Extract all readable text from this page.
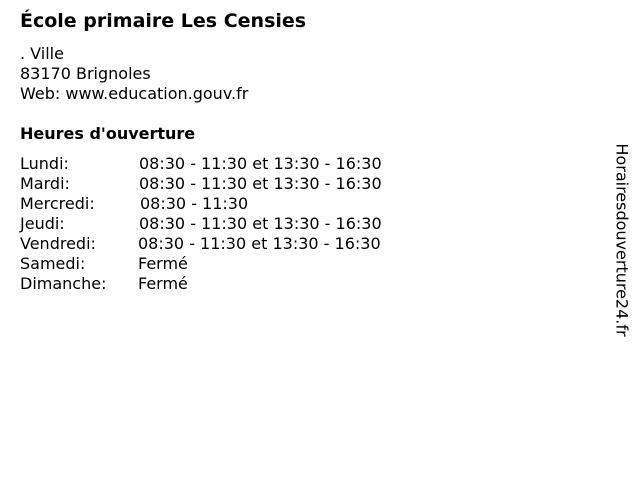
École primaire Les Censies
. Ville
83170 Brignoles
Web: www.education.gouv.fr
Heures d'ouverture
Lundi:	08:30 - 11:30 et 13:30 - 16:30
Mardi:	08:30 - 11:30 et 13:30 - 16:30
Mercredi:	08:30 - 11:30
Jeudi:	08:30 - 11:30 et 13:30 - 16:30
Vendredi:	08:30 - 11:30 et 13:30 - 16:30
Samedi:	Fermé
Dimanche: Fermé	Horairesdouverture24.fr
